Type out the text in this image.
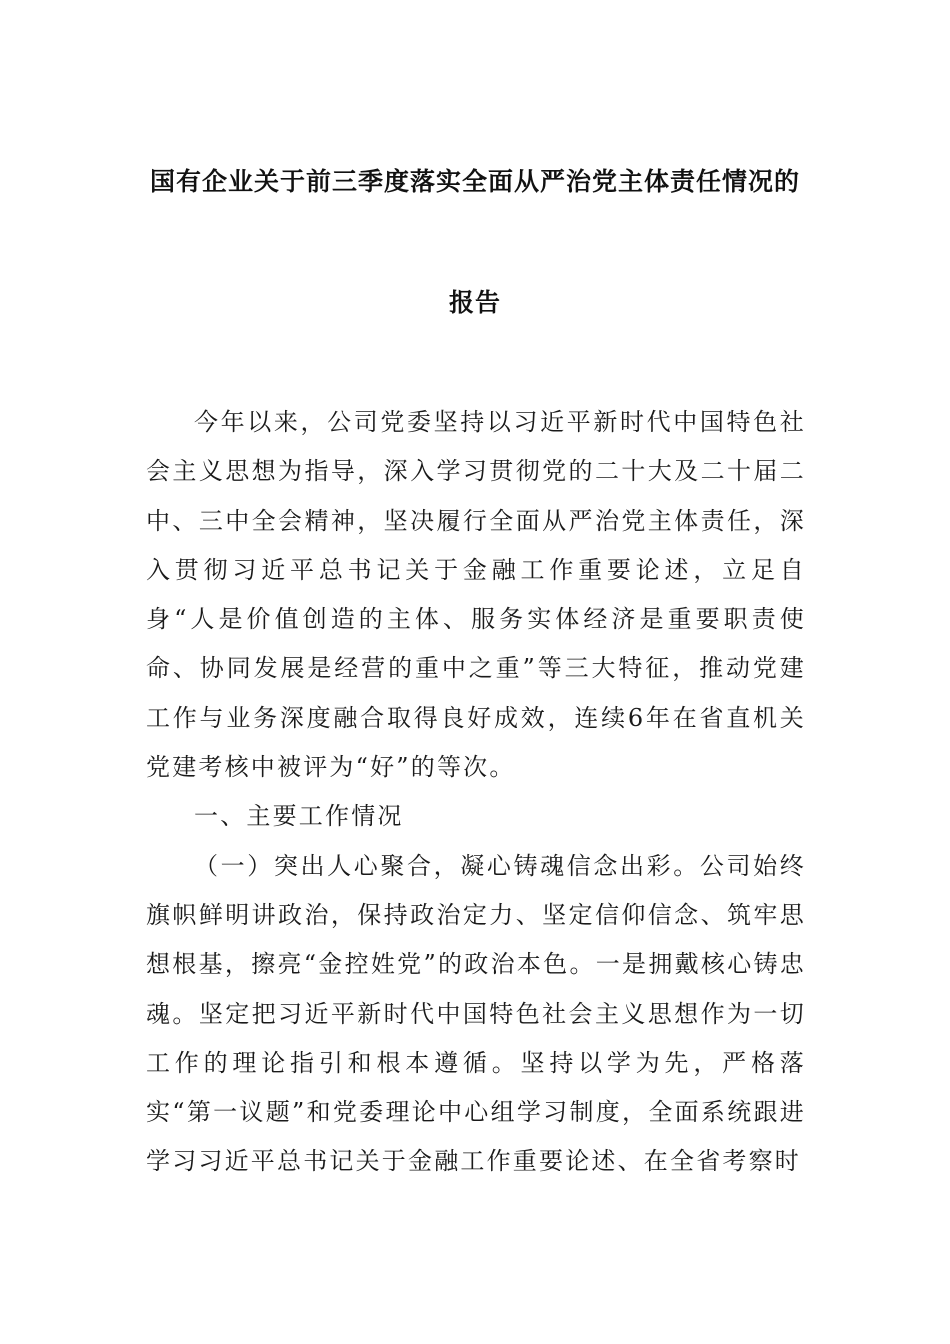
国有企业关于前三季度落实全面从严治党主体责任情况的
报告

今年以来，公司党委坚持以习近平新时代中国特色社会主义思想为指导，深入学习贯彻党的二十大及二十届二中、三中全会精神，坚决履行全面从严治党主体责任，深入贯彻习近平总书记关于金融工作重要论述，立足自身“人是价值创造的主体、服务实体经济是重要职责使命、协同发展是经营的重中之重”等三大特征，推动党建工作与业务深度融合取得良好成效，连续6年在省直机关党建考核中被评为“好”的等次。

一、主要工作情况

（一）突出人心聚合，凝心铸魂信念出彩。公司始终旗帜鲜明讲政治，保持政治定力、坚定信仰信念、筑牢思想根基，擦亮“金控姓党”的政治本色。一是拥戴核心铸忠魂。坚定把习近平新时代中国特色社会主义思想作为一切工作的理论指引和根本遵循。坚持以学为先，严格落实“第一议题”和党委理论中心组学习制度，全面系统跟进学习习近平总书记关于金融工作重要论述、在全省考察时
